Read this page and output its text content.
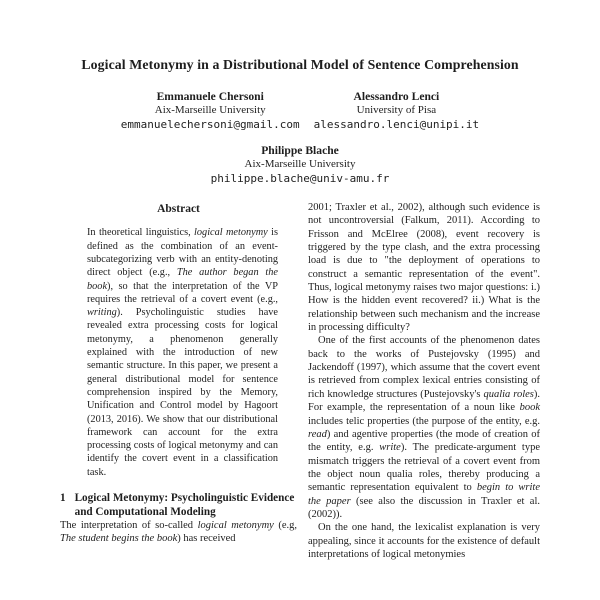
Logical Metonymy in a Distributional Model of Sentence Comprehension
Emmanuele Chersoni
Aix-Marseille University
emmanuelechersoni@gmail.com
Alessandro Lenci
University of Pisa
alessandro.lenci@unipi.it
Philippe Blache
Aix-Marseille University
philippe.blache@univ-amu.fr
Abstract
In theoretical linguistics, logical metonymy is defined as the combination of an event-subcategorizing verb with an entity-denoting direct object (e.g., The author began the book), so that the interpretation of the VP requires the retrieval of a covert event (e.g., writing). Psycholinguistic studies have revealed extra processing costs for logical metonymy, a phenomenon generally explained with the introduction of new semantic structure. In this paper, we present a general distributional model for sentence comprehension inspired by the Memory, Unification and Control model by Hagoort (2013, 2016). We show that our distributional framework can account for the extra processing costs of logical metonymy and can identify the covert event in a classification task.
1 Logical Metonymy: Psycholinguistic Evidence and Computational Modeling

The interpretation of so-called logical metonymy (e.g, The student begins the book) has received

2001; Traxler et al., 2002), although such evidence is not uncontroversial (Falkum, 2011). According to Frisson and McElree (2008), event recovery is triggered by the type clash, and the extra processing load is due to "the deployment of operations to construct a semantic representation of the event". Thus, logical metonymy raises two major questions: i.) How is the hidden event recovered? ii.) What is the relationship between such mechanism and the increase in processing difficulty?

One of the first accounts of the phenomenon dates back to the works of Pustejovsky (1995) and Jackendoff (1997), which assume that the covert event is retrieved from complex lexical entries consisting of rich knowledge structures (Pustejovsky's qualia roles). For example, the representation of a noun like book includes telic properties (the purpose of the entity, e.g. read) and agentive properties (the mode of creation of the entity, e.g. write). The predicate-argument type mismatch triggers the retrieval of a covert event from the object noun qualia roles, thereby producing a semantic representation equivalent to begin to write the paper (see also the discussion in Traxler et al. (2002)).

On the one hand, the lexicalist explanation is very appealing, since it accounts for the existence of default interpretations of logical metonymies
